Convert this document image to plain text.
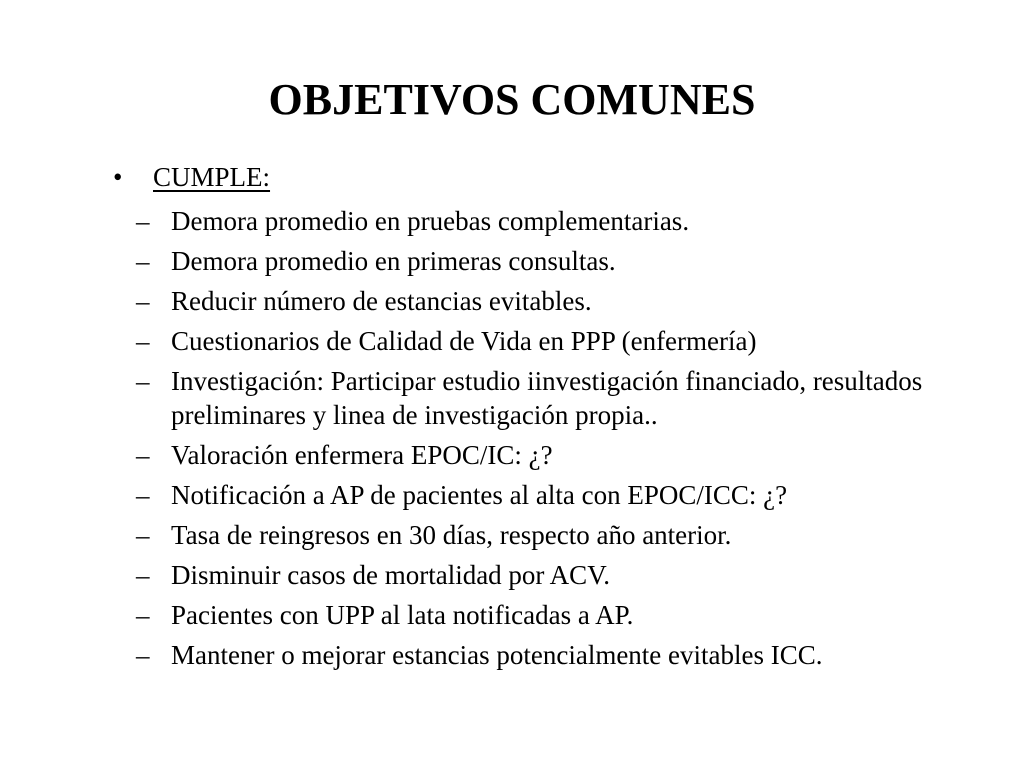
OBJETIVOS COMUNES
• CUMPLE:
– Demora promedio en pruebas complementarias.
– Demora promedio en primeras consultas.
– Reducir número de estancias evitables.
– Cuestionarios de Calidad de Vida en PPP (enfermería)
– Investigación: Participar estudio iinvestigación financiado, resultados preliminares y linea de investigación propia..
– Valoración enfermera EPOC/IC: ¿?
– Notificación a AP de pacientes al alta con EPOC/ICC: ¿?
– Tasa de reingresos en 30 días, respecto año anterior.
– Disminuir casos de mortalidad por ACV.
– Pacientes con UPP al lata notificadas a AP.
– Mantener o mejorar estancias potencialmente evitables ICC.
